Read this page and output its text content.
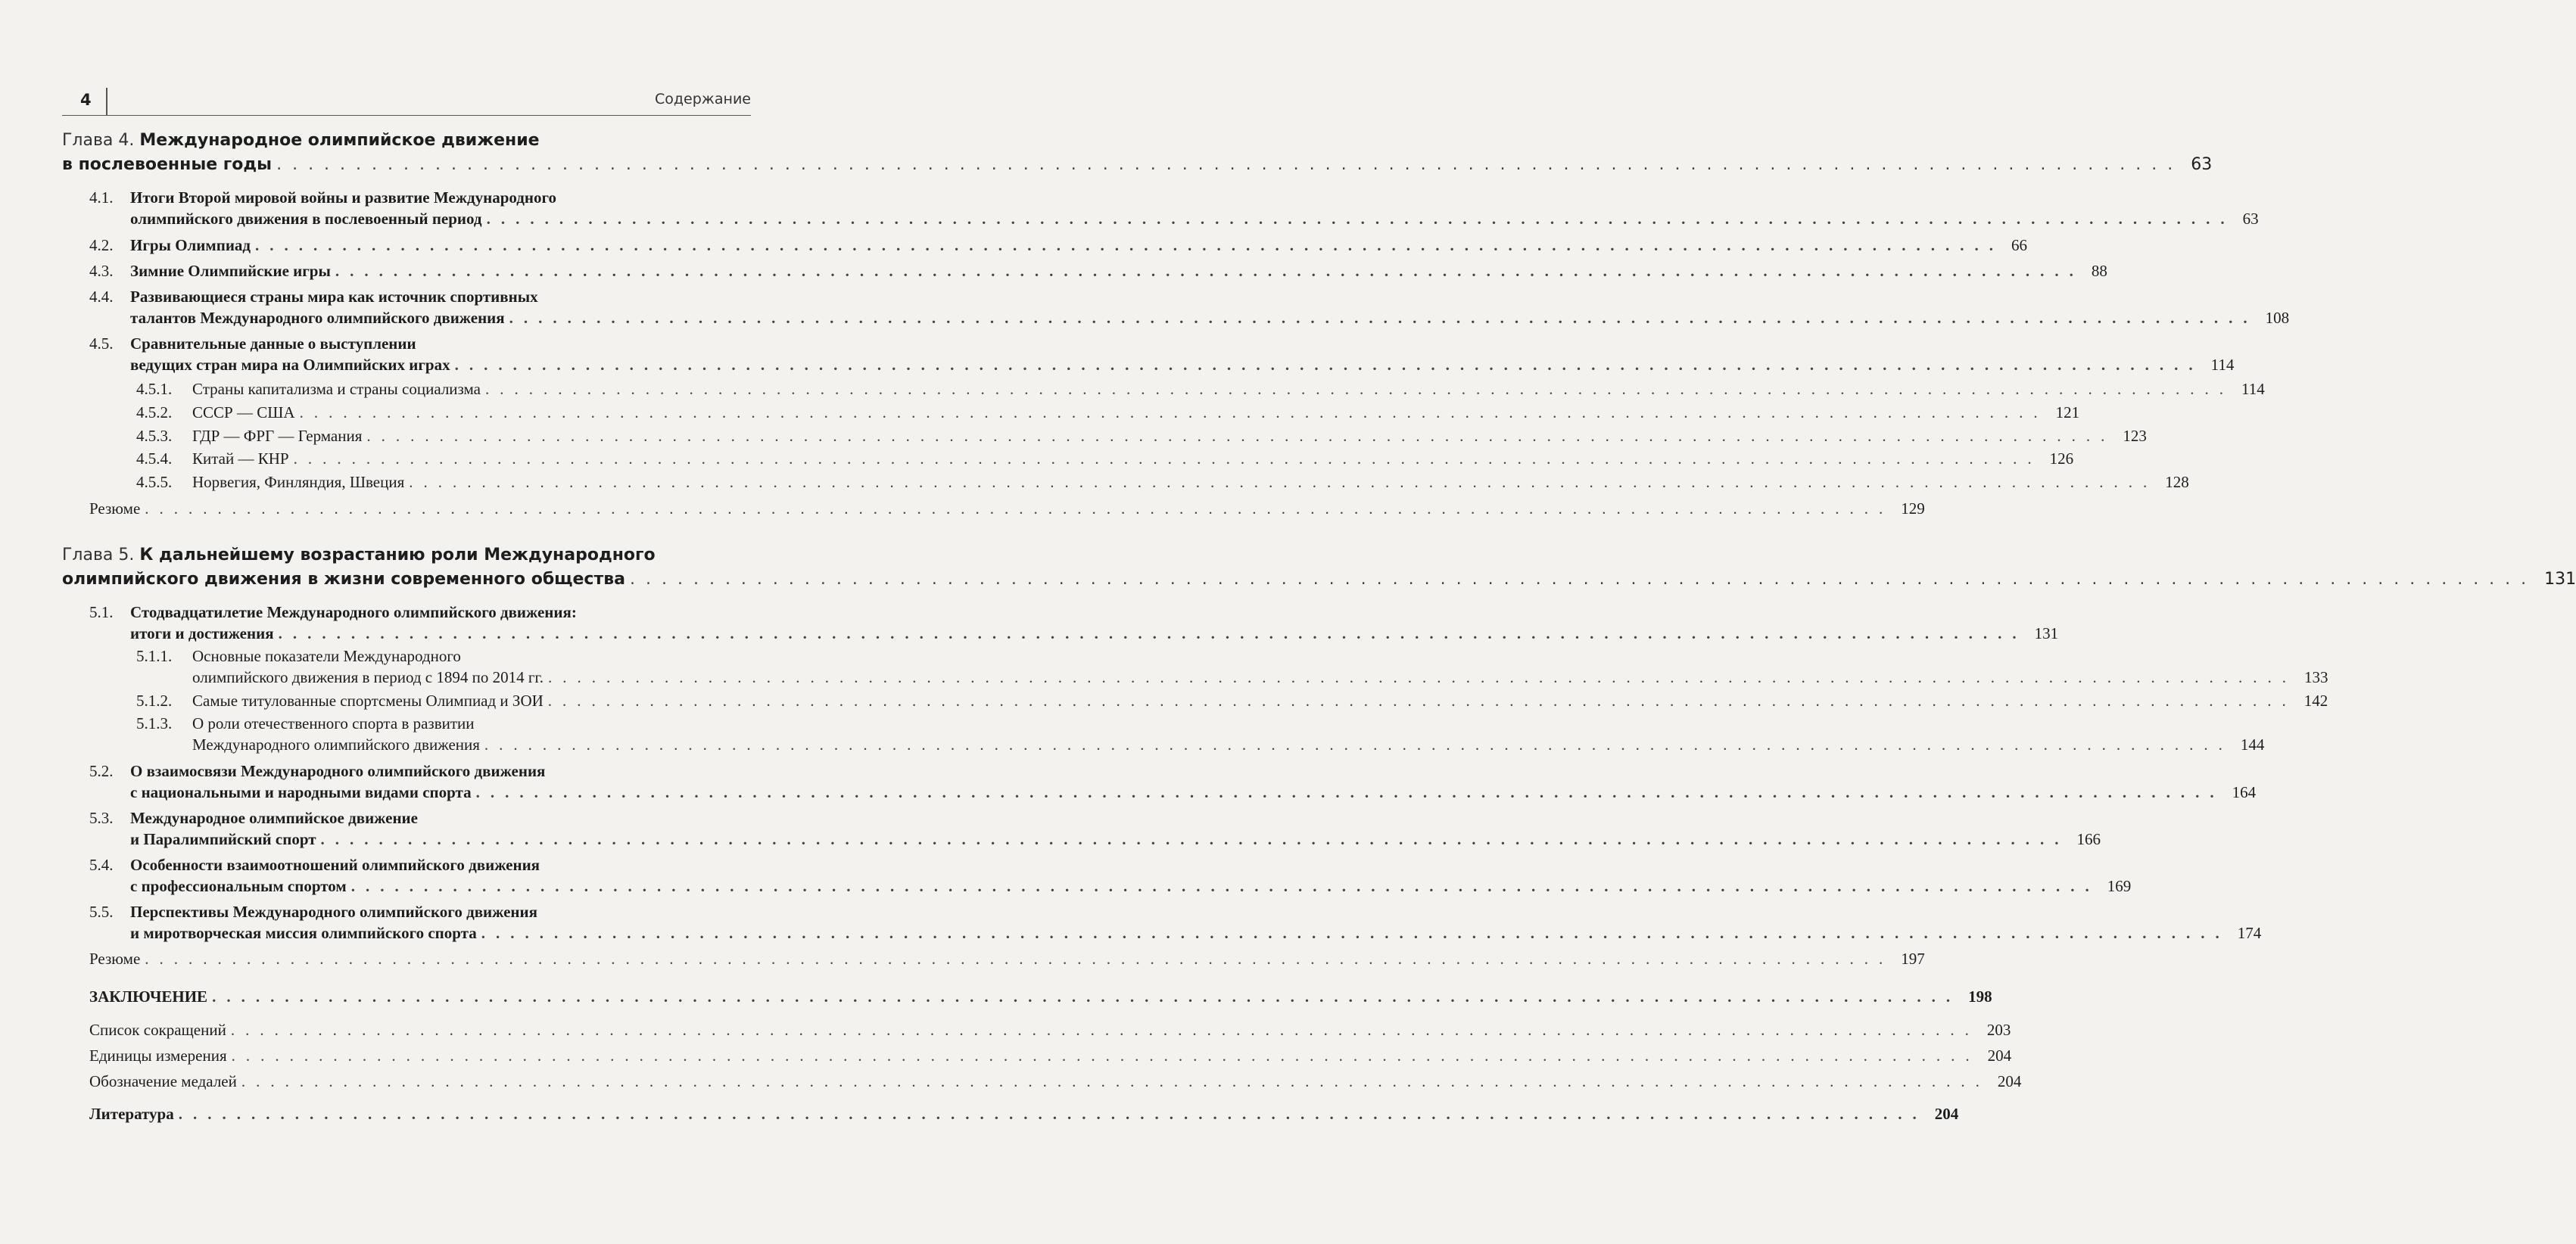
4	Содержание
Глава 4. Международное олимпийское движение
в послевоенные годы ........................................................................................................................ 63
4.1. Итоги Второй мировой войны и развитие Международного
олимпийского движения в послевоенный период ........................................................................................................................ 63
4.2. Игры Олимпиад ........................................................................................................................ 66
4.3. Зимние Олимпийские игры ........................................................................................................................ 88
4.4. Развивающиеся страны мира как источник спортивных
талантов Международного олимпийского движения ........................................................................................................................ 108
4.5. Сравнительные данные о выступлении
ведущих стран мира на Олимпийских играх ........................................................................................................................ 114
4.5.1. Страны капитализма и страны социализма ........................................................................................................................ 114
4.5.2. СССР — США ........................................................................................................................ 121
4.5.3. ГДР — ФРГ — Германия ........................................................................................................................ 123
4.5.4. Китай — КНР ........................................................................................................................ 126
4.5.5. Норвегия, Финляндия, Швеция ........................................................................................................................ 128
Резюме ........................................................................................................................ 129
Глава 5. К дальнейшему возрастанию роли Международного
олимпийского движения в жизни современного общества ........................................................................................................................ 131
5.1. Стодвадцатилетие Международного олимпийского движения:
итоги и достижения ........................................................................................................................ 131
5.1.1. Основные показатели Международного
олимпийского движения в период с 1894 по 2014 гг. ........................................................................................................................ 133
5.1.2. Самые титулованные спортсмены Олимпиад и ЗОИ ........................................................................................................................ 142
5.1.3. О роли отечественного спорта в развитии
Международного олимпийского движения ........................................................................................................................ 144
5.2. О взаимосвязи Международного олимпийского движения
с национальными и народными видами спорта ........................................................................................................................ 164
5.3. Международное олимпийское движение
и Паралимпийский спорт ........................................................................................................................ 166
5.4. Особенности взаимоотношений олимпийского движения
с профессиональным спортом ........................................................................................................................ 169
5.5. Перспективы Международного олимпийского движения
и миротворческая миссия олимпийского спорта ........................................................................................................................ 174
Резюме ........................................................................................................................ 197
ЗАКЛЮЧЕНИЕ ........................................................................................................................ 198
Список сокращений ........................................................................................................................ 203
Единицы измерения ........................................................................................................................ 204
Обозначение медалей ........................................................................................................................ 204
Литература ........................................................................................................................ 204
